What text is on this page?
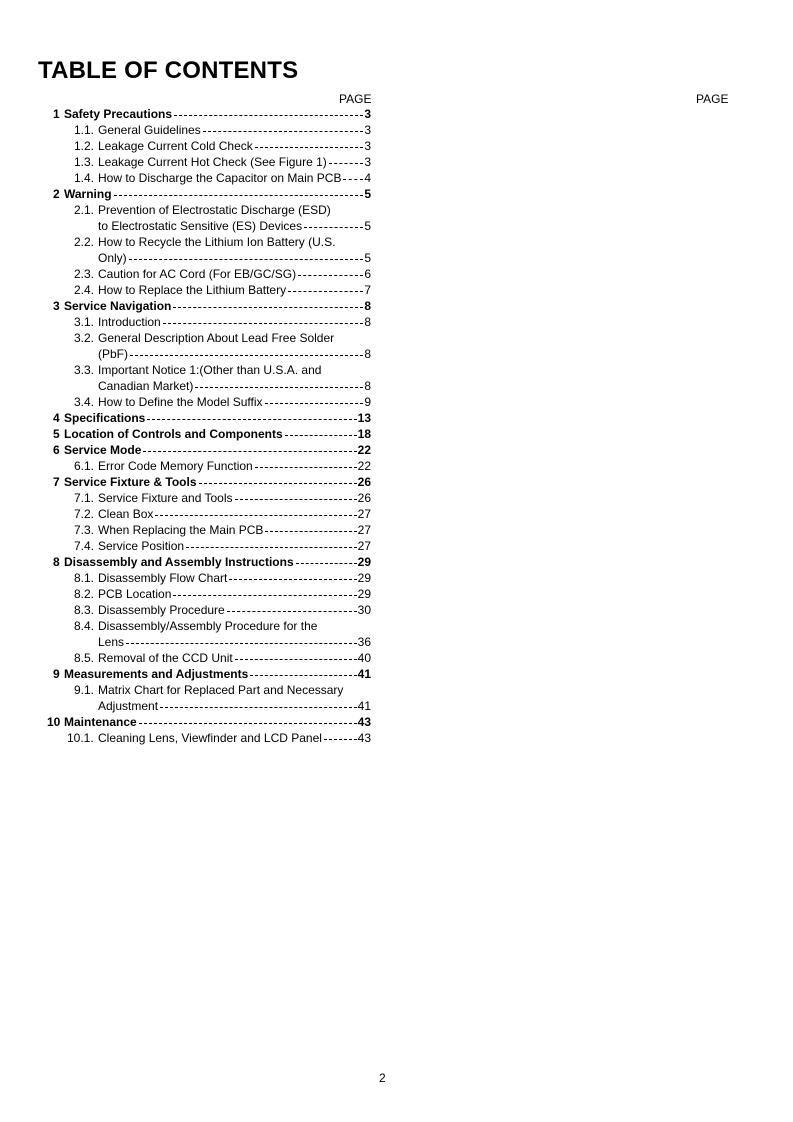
TABLE OF CONTENTS
PAGE	PAGE
1 Safety Precautions	3
1.1. General Guidelines	3
1.2. Leakage Current Cold Check	3
1.3. Leakage Current Hot Check (See Figure 1)	3
1.4. How to Discharge the Capacitor on Main PCB 4
2 Warning	5
2.1. Prevention of Electrostatic Discharge (ESD)
to Electrostatic Sensitive (ES) Devices	5
2.2. How to Recycle the Lithium Ion Battery (U.S.
Only)	5
2.3. Caution for AC Cord (For EB/GC/SG)	6
2.4. How to Replace the Lithium Battery	7
3 Service Navigation	8
3.1. Introduction	8
3.2. General Description About Lead Free Solder
(PbF)	8
3.3. Important Notice 1:(Other than U.S.A. and
Canadian Market)	8
3.4. How to Define the Model Suffix	9
4 Specifications	13
5 Location of Controls and Components	18
6 Service Mode	22
6.1. Error Code Memory Function	22
7 Service Fixture & Tools	26
7.1. Service Fixture and Tools	26
7.2. Clean Box	27
7.3. When Replacing the Main PCB	27
7.4. Service Position	27
8 Disassembly and Assembly Instructions	29
8.1. Disassembly Flow Chart	29
8.2. PCB Location	29
8.3. Disassembly Procedure	30
8.4. Disassembly/Assembly Procedure for the
Lens	36
8.5. Removal of the CCD Unit	40
9 Measurements and Adjustments	41
9.1. Matrix Chart for Replaced Part and Necessary
Adjustment	41
10 Maintenance	43
10.1. Cleaning Lens, Viewfinder and LCD Panel	43
2
